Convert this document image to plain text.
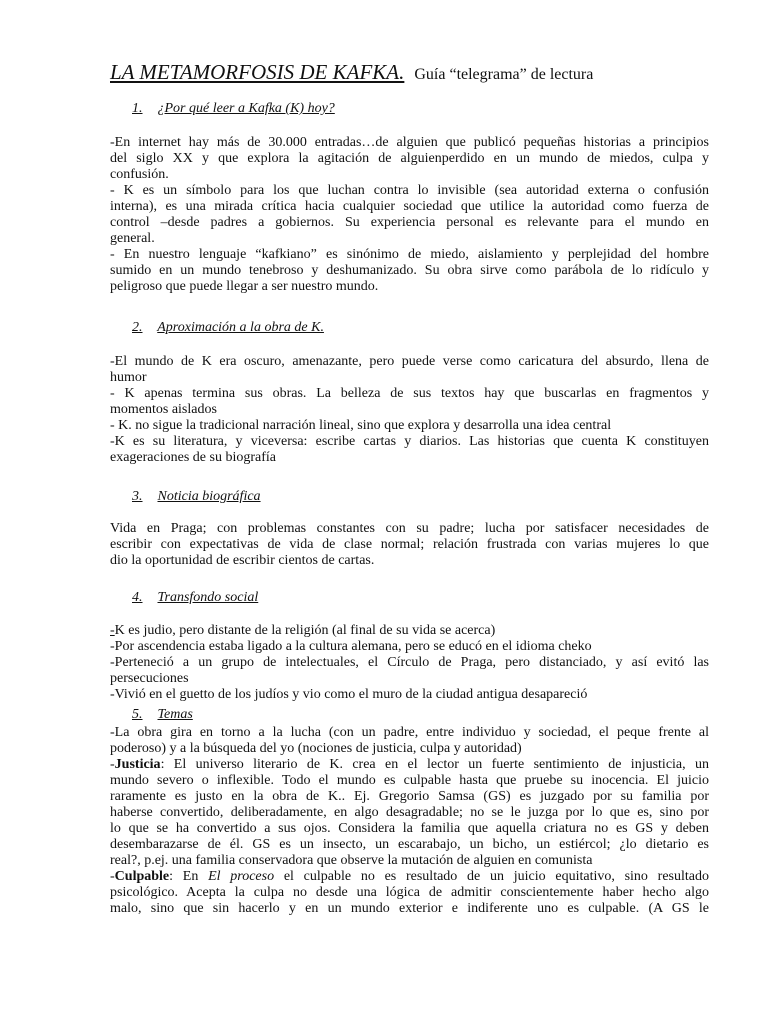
LA METAMORFOSIS DE KAFKA. Guía “telegrama” de lectura
1. ¿Por qué leer a Kafka (K) hoy?
-En internet hay más de 30.000 entradas…de alguien que publicó pequeñas historias a principios
del siglo XX y que explora la agitación de alguienperdido en un mundo de miedos, culpa y
confusión.
- K es un símbolo para los que luchan contra lo invisible (sea autoridad externa o confusión
interna), es una mirada crítica hacia cualquier sociedad que utilice la autoridad como fuerza de
control –desde padres a gobiernos. Su experiencia personal es relevante para el mundo en
general.
- En nuestro lenguaje “kafkiano” es sinónimo de miedo, aislamiento y perplejidad del hombre
sumido en un mundo tenebroso y deshumanizado. Su obra sirve como parábola de lo ridículo y
peligroso que puede llegar a ser nuestro mundo.
2. Aproximación a la obra de K.
-El mundo de K era oscuro, amenazante, pero puede verse como caricatura del absurdo, llena de
humor
- K apenas termina sus obras. La belleza de sus textos hay que buscarlas en fragmentos y
momentos aislados
- K. no sigue la tradicional narración lineal, sino que explora y desarrolla una idea central
-K es su literatura, y viceversa: escribe cartas y diarios. Las historias que cuenta K constituyen
exageraciones de su biografía
3. Noticia biográfica
Vida en Praga; con problemas constantes con su padre; lucha por satisfacer necesidades de
escribir con expectativas de vida de clase normal; relación frustrada con varias mujeres lo que
dio la oportunidad de escribir cientos de cartas.
4. Transfondo social
-K es judio, pero distante de la religión (al final de su vida se acerca)
-Por ascendencia estaba ligado a la cultura alemana, pero se educó en el idioma cheko
-Perteneció a un grupo de intelectuales, el Círculo de Praga, pero distanciado, y así evitó las
persecuciones
-Vivió en el guetto de los judíos y vio como el muro de la ciudad antigua desapareció
5. Temas
-La obra gira en torno a la lucha (con un padre, entre individuo y sociedad, el peque frente al
poderoso) y a la búsqueda del yo (nociones de justicia, culpa y autoridad)
-Justicia: El universo literario de K. crea en el lector un fuerte sentimiento de injusticia, un
mundo severo o inflexible. Todo el mundo es culpable hasta que pruebe su inocencia. El juicio
raramente es justo en la obra de K.. Ej. Gregorio Samsa (GS) es juzgado por su familia por
haberse convertido, deliberadamente, en algo desagradable; no se le juzga por lo que es, sino por
lo que se ha convertido a sus ojos. Considera la familia que aquella criatura no es GS y deben
desembarazarse de él. GS es un insecto, un escarabajo, un bicho, un estiércol; ¿lo dietario es
real?, p.ej. una familia conservadora que observe la mutación de alguien en comunista
-Culpable: En El proceso el culpable no es resultado de un juicio equitativo, sino resultado
psicológico. Acepta la culpa no desde una lógica de admitir conscientemente haber hecho algo
malo, sino que sin hacerlo y en un mundo exterior e indiferente uno es culpable. (A GS le
